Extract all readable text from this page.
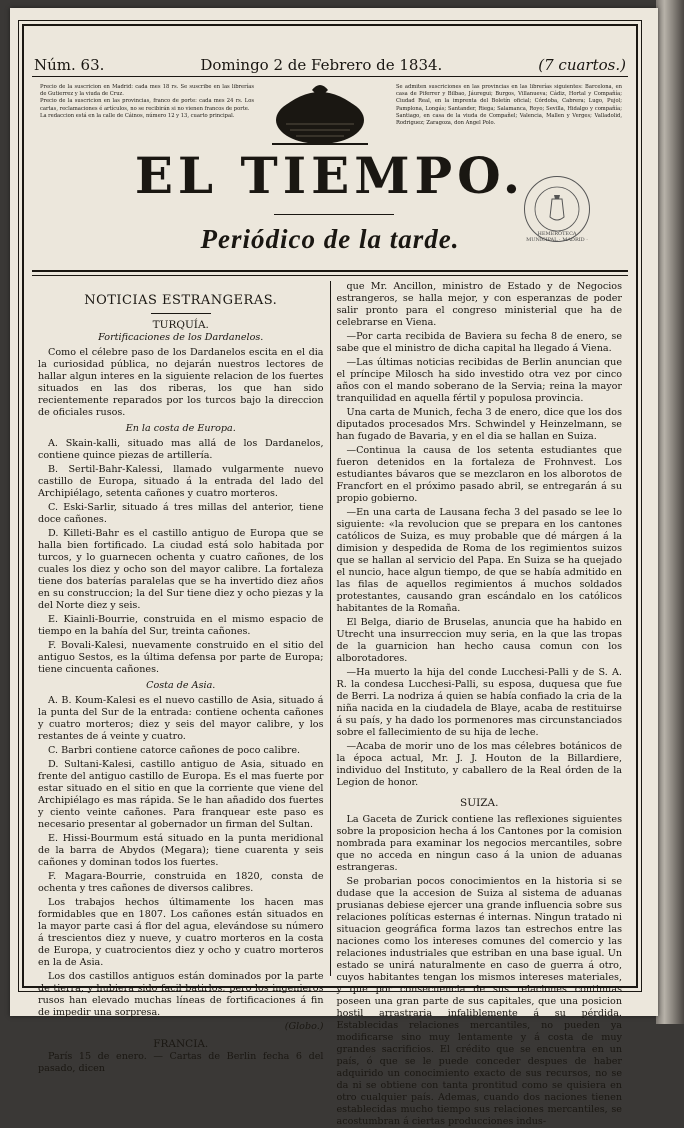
Núm. 63.	Domingo 2 de Febrero de 1834.	(7 cuartos.)

Precio de la suscricion en Madrid: cada mes 18 rs. Se suscribe en las librerías de Gutierrez y la viuda de Cruz.

Precio de la suscricion en las provincias, franco de porte: cada mes 24 rs. Los cartas, reclamaciones é artículos, no se recibirán si no vienen francos de porte.

La redaccion está en la calle de Cáinos, número 12 y 13, cuarto principal.

Se admiten suscriciones en las provincias en las librerías siguientes: Barcelona, en casa de Piferrer y Bilbao, Jáuregui; Burgos, Villanueva; Cádiz, Hortal y Compañía; Ciudad Real, en la imprenta del Boletín oficial; Córdoba, Cabrera; Lugo, Pujol; Pamplona, Longás; Santander, Riega; Salamanca, Royo; Sevilla, Hidalgo y compañía; Santiago, en casa de la viuda de Compañel; Valencia, Mallen y Verges; Valladolid, Rodriguez; Zaragoza, don Angel Polo.

EL TIEMPO.
Periódico de la tarde.	HEMEROTECA MUNICIPAL · MADRID ·
NOTICIAS ESTRANGERAS.
TURQUÍA.
Fortificaciones de los Dardanelos.

Como el célebre paso de los Dardanelos escita en el dia la curiosidad pública, no dejarán nuestros lectores de hallar algun interes en la siguiente relacion de los fuertes situados en las dos riberas, los que han sido recientemente reparados por los turcos bajo la direccion de oficiales rusos.

En la costa de Europa.

A. Skain-kalli, situado mas allá de los Dardanelos, contiene quince piezas de artillería.

B. Sertil-Bahr-Kalessi, llamado vulgarmente nuevo castillo de Europa, situado á la entrada del lado del Archipiélago, setenta cañones y cuatro morteros.

C. Eski-Sarlir, situado á tres millas del anterior, tiene doce cañones.

D. Killeti-Bahr es el castillo antiguo de Europa que se halla bien fortificado. La ciudad está solo habitada por turcos, y lo guarnecen ochenta y cuatro cañones, de los cuales los diez y ocho son del mayor calibre. La fortaleza tiene dos baterías paralelas que se ha invertido diez años en su construccion; la del Sur tiene diez y ocho piezas y la del Norte diez y seis.

E. Kiainli-Bourrie, construida en el mismo espacio de tiempo en la bahía del Sur, treinta cañones.

F. Bovali-Kalesi, nuevamente construido en el sitio del antiguo Sestos, es la última defensa por parte de Europa; tiene cincuenta cañones.

Costa de Asia.

A. B. Koum-Kalesi es el nuevo castillo de Asia, situado á la punta del Sur de la entrada: contiene ochenta cañones y cuatro morteros; diez y seis del mayor calibre, y los restantes de á veinte y cuatro.

C. Barbri contiene catorce cañones de poco calibre.

D. Sultani-Kalesi, castillo antiguo de Asia, situado en frente del antiguo castillo de Europa. Es el mas fuerte por estar situado en el sitio en que la corriente que viene del Archipiélago es mas rápida. Se le han añadido dos fuertes y ciento veinte cañones. Para franquear este paso es necesario presentar al gobernador un firman del Sultan.

E. Hissi-Bourmum está situado en la punta meridional de la barra de Abydos (Megara); tiene cuarenta y seis cañones y dominan todos los fuertes.

F. Magara-Bourrie, construida en 1820, consta de ochenta y tres cañones de diversos calibres.

Los trabajos hechos últimamente los hacen mas formidables que en 1807. Los cañones están situados en la mayor parte casi á flor del agua, elevándose su número á trescientos diez y nueve, y cuatro morteros en la costa de Europa, y cuatrocientos diez y ocho y cuatro morteros en la de Asia.

Los dos castillos antiguos están dominados por la parte de tierra, y hubiera sido facil batirlos; pero los ingenieros rusos han elevado muchas líneas de fortificaciones á fin de impedir una sorpresa.

(Globo.)
FRANCIA.

París 15 de enero. — Cartas de Berlin fecha 6 del pasado, dicen

que Mr. Ancillon, ministro de Estado y de Negocios estrangeros, se halla mejor, y con esperanzas de poder salir pronto para el congreso ministerial que ha de celebrarse en Viena.

—Por carta recibida de Baviera su fecha 8 de enero, se sabe que el ministro de dicha capital ha llegado á Viena.

—Las últimas noticias recibidas de Berlin anuncian que el príncipe Milosch ha sido investido otra vez por cinco años con el mando soberano de la Servia; reina la mayor tranquilidad en aquella fértil y populosa provincia.

Una carta de Munich, fecha 3 de enero, dice que los dos diputados procesados Mrs. Schwindel y Heinzelmann, se han fugado de Bavaria, y en el dia se hallan en Suiza.

—Continua la causa de los setenta estudiantes que fueron detenidos en la fortaleza de Frohnvest. Los estudiantes bávaros que se mezclaron en los alborotos de Francfort en el próximo pasado abril, se entregarán á su propio gobierno.

—En una carta de Lausana fecha 3 del pasado se lee lo siguiente: «la revolucion que se prepara en los cantones católicos de Suiza, es muy probable que dé márgen á la dimision y despedida de Roma de los regimientos suizos que se hallan al servicio del Papa. En Suiza se ha quejado el nuncio, hace algun tiempo, de que se había admitido en las filas de aquellos regimientos á muchos soldados protestantes, causando gran escándalo en los católicos habitantes de la Romaña.

El Belga, diario de Bruselas, anuncia que ha habido en Utrecht una insurreccion muy seria, en la que las tropas de la guarnicion han hecho causa comun con los alborotadores.

—Ha muerto la hija del conde Lucchesi-Palli y de S. A. R. la condesa Lucchesi-Palli, su esposa, duquesa que fue de Berri. La nodriza á quien se había confiado la cria de la niña nacida en la ciudadela de Blaye, acaba de restituirse á su país, y ha dado los pormenores mas circunstanciados sobre el fallecimiento de su hija de leche.

—Acaba de morir uno de los mas célebres botánicos de la época actual, Mr. J. J. Houton de la Billardiere, individuo del Instituto, y caballero de la Real órden de la Legion de honor.

SUIZA.

La Gaceta de Zurick contiene las reflexiones siguientes sobre la proposicion hecha á los Cantones por la comision nombrada para examinar los negocios mercantiles, sobre que no acceda en ningun caso á la union de aduanas estrangeras.

Se probarian pocos conocimientos en la historia si se dudase que la accesion de Suiza al sistema de aduanas prusianas debiese ejercer una grande influencia sobre sus relaciones políticas esternas é internas. Ningun tratado ni situacion geográfica forma lazos tan estrechos entre las naciones como los intereses comunes del comercio y las relaciones industriales que estriban en una base igual. Un estado se unirá naturalmente en caso de guerra á otro, cuyos habitantes tengan los mismos intereses materiales, y que por consecuencia de sus relaciones continuas poseen una gran parte de sus capitales, que una posicion hostil arrastraria infaliblemente á su pérdida. Establecidas relaciones mercantiles, no pueden ya modificarse sino muy lentamente y á costa de muy grandes sacrificios. El crédito que se encuentra en un país, ó que se le puede conceder despues de haber adquirido un conocimiento exacto de sus recursos, no se da ni se obtiene con tanta prontitud como se quisiera en otro cualquier país. Ademas, cuando dos naciones tienen establecidas mucho tiempo sus relaciones mercantiles, se acostumbran á ciertas producciones indus-
